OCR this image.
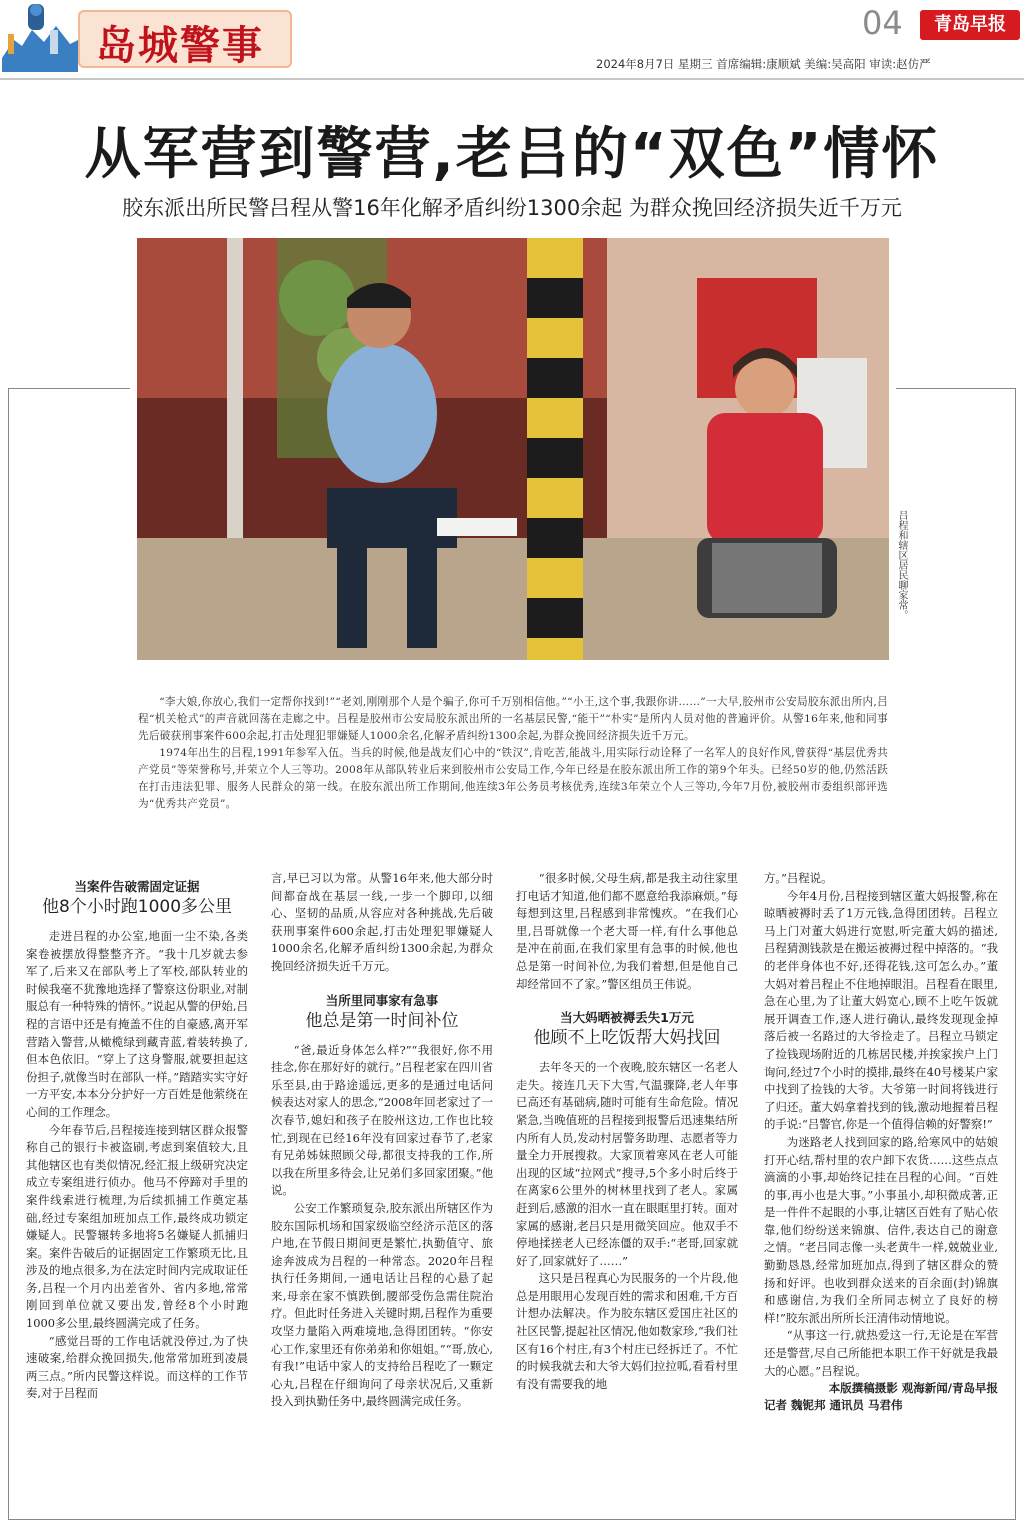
岛城警事	04	青岛早报
2024年8月7日 星期三 首席编辑:康顺斌 美编:吴高阳 审读:赵仿严
从军营到警营,老吕的“双色”情怀
胶东派出所民警吕程从警16年化解矛盾纠纷1300余起 为群众挽回经济损失近千万元
吕程和辖区居民聊家常。

“李大娘,你放心,我们一定帮你找到!”“老刘,刚刚那个人是个骗子,你可千万别相信他。”“小王,这个事,我跟你讲……”一大早,胶州市公安局胶东派出所内,吕程“机关枪式”的声音就回荡在走廊之中。吕程是胶州市公安局胶东派出所的一名基层民警,“能干”“朴实”是所内人员对他的普遍评价。从警16年来,他和同事先后破获刑事案件600余起,打击处理犯罪嫌疑人1000余名,化解矛盾纠纷1300余起,为群众挽回经济损失近千万元。

1974年出生的吕程,1991年参军入伍。当兵的时候,他是战友们心中的“铁汉”,肯吃苦,能战斗,用实际行动诠释了一名军人的良好作风,曾获得“基层优秀共产党员”等荣誉称号,并荣立个人三等功。2008年从部队转业后来到胶州市公安局工作,今年已经是在胶东派出所工作的第9个年头。已经50岁的他,仍然活跃在打击违法犯罪、服务人民群众的第一线。在胶东派出所工作期间,他连续3年公务员考核优秀,连续3年荣立个人三等功,今年7月份,被胶州市委组织部评选为“优秀共产党员”。

当案件告破需固定证据
他8个小时跑1000多公里

走进吕程的办公室,地面一尘不染,各类案卷被摆放得整整齐齐。“我十几岁就去参军了,后来又在部队考上了军校,部队转业的时候我毫不犹豫地选择了警察这份职业,对制服总有一种特殊的情怀。”说起从警的伊始,吕程的言语中还是有掩盖不住的自豪感,离开军营踏入警营,从橄榄绿到藏青蓝,着装转换了,但本色依旧。“穿上了这身警服,就要担起这份担子,就像当时在部队一样。”踏踏实实守好一方平安,本本分分护好一方百姓是他萦绕在心间的工作理念。

今年春节后,吕程接连接到辖区群众报警称自己的银行卡被盗刷,考虑到案值较大,且其他辖区也有类似情况,经汇报上级研究决定成立专案组进行侦办。他马不停蹄对手里的案件线索进行梳理,为后续抓捕工作奠定基础,经过专案组加班加点工作,最终成功锁定嫌疑人。民警辗转多地将5名嫌疑人抓捕归案。案件告破后的证据固定工作繁琐无比,且涉及的地点很多,为在法定时间内完成取证任务,吕程一个月内出差省外、省内多地,常常刚回到单位就又要出发,曾经8个小时跑1000多公里,最终圆满完成了任务。

“感觉吕哥的工作电话就没停过,为了快速破案,给群众挽回损失,他常常加班到凌晨两三点。”所内民警这样说。而这样的工作节奏,对于吕程而

言,早已习以为常。从警16年来,他大部分时间都奋战在基层一线,一步一个脚印,以细心、坚韧的品质,从容应对各种挑战,先后破获刑事案件600余起,打击处理犯罪嫌疑人1000余名,化解矛盾纠纷1300余起,为群众挽回经济损失近千万元。

当所里同事家有急事
他总是第一时间补位

“爸,最近身体怎么样?”“我很好,你不用挂念,你在那好好的就行。”吕程老家在四川省乐至县,由于路途遥远,更多的是通过电话问候表达对家人的思念,“2008年回老家过了一次春节,媳妇和孩子在胶州这边,工作也比较忙,到现在已经16年没有回家过春节了,老家有兄弟姊妹照顾父母,都很支持我的工作,所以我在所里多待会,让兄弟们多回家团聚。”他说。

公安工作繁琐复杂,胶东派出所辖区作为胶东国际机场和国家级临空经济示范区的落户地,在节假日期间更是繁忙,执勤值守、旅途奔波成为吕程的一种常态。2020年吕程执行任务期间,一通电话让吕程的心悬了起来,母亲在家不慎跌倒,腰部受伤急需住院治疗。但此时任务进入关键时期,吕程作为重要攻坚力量陷入两难境地,急得团团转。“你安心工作,家里还有你弟弟和你姐姐。”“哥,放心,有我!”电话中家人的支持给吕程吃了一颗定心丸,吕程在仔细询问了母亲状况后,又重新投入到执勤任务中,最终圆满完成任务。

“很多时候,父母生病,都是我主动往家里打电话才知道,他们都不愿意给我添麻烦。”每每想到这里,吕程感到非常愧疚。“在我们心里,吕哥就像一个老大哥一样,有什么事他总是冲在前面,在我们家里有急事的时候,他也总是第一时间补位,为我们着想,但是他自己却经常回不了家。”警区组员王伟说。

当大妈晒被褥丢失1万元
他顾不上吃饭帮大妈找回

去年冬天的一个夜晚,胶东辖区一名老人走失。接连几天下大雪,气温骤降,老人年事已高还有基础病,随时可能有生命危险。情况紧急,当晚值班的吕程接到报警后迅速集结所内所有人员,发动村居警务助理、志愿者等力量全力开展搜救。大家顶着寒风在老人可能出现的区域“拉网式”搜寻,5个多小时后终于在离家6公里外的树林里找到了老人。家属赶到后,感激的泪水一直在眼眶里打转。面对家属的感谢,老吕只是用微笑回应。他双手不停地揉搓老人已经冻僵的双手:“老哥,回家就好了,回家就好了……”

这只是吕程真心为民服务的一个片段,他总是用眼用心发现百姓的需求和困难,千方百计想办法解决。作为胶东辖区爱国庄社区的社区民警,提起社区情况,他如数家珍,“我们社区有16个村庄,有3个村庄已经拆迁了。不忙的时候我就去和大爷大妈们拉拉呱,看看村里有没有需要我的地

方。”吕程说。

今年4月份,吕程接到辖区董大妈报警,称在晾晒被褥时丢了1万元钱,急得团团转。吕程立马上门对董大妈进行宽慰,听完董大妈的描述,吕程猜测钱款是在搬运被褥过程中掉落的。“我的老伴身体也不好,还得花钱,这可怎么办。”董大妈对着吕程止不住地掉眼泪。吕程看在眼里,急在心里,为了让董大妈宽心,顾不上吃午饭就展开调查工作,逐人进行确认,最终发现现金掉落后被一名路过的大爷捡走了。吕程立马锁定了捡钱现场附近的几栋居民楼,并挨家挨户上门询问,经过7个小时的摸排,最终在40号楼某户家中找到了捡钱的大爷。大爷第一时间将钱进行了归还。董大妈拿着找到的钱,激动地握着吕程的手说:“吕警官,你是一个值得信赖的好警察!”

为迷路老人找到回家的路,给寒风中的姑娘打开心结,帮村里的农户卸下农货……这些点点滴滴的小事,却始终记挂在吕程的心间。“百姓的事,再小也是大事。”小事虽小,却积微成著,正是一件件不起眼的小事,让辖区百姓有了贴心依靠,他们纷纷送来锦旗、信件,表达自己的谢意之情。“老吕同志像一头老黄牛一样,兢兢业业,勤勤恳恳,经常加班加点,得到了辖区群众的赞扬和好评。也收到群众送来的百余面(封)锦旗和感谢信,为我们全所同志树立了良好的榜样!”胶东派出所所长汪清伟动情地说。

“从事这一行,就热爱这一行,无论是在军营还是警营,尽自己所能把本职工作干好就是我最大的心愿。”吕程说。

本版撰稿摄影 观海新闻/青岛早报
记者 魏铌邦 通讯员 马君伟
